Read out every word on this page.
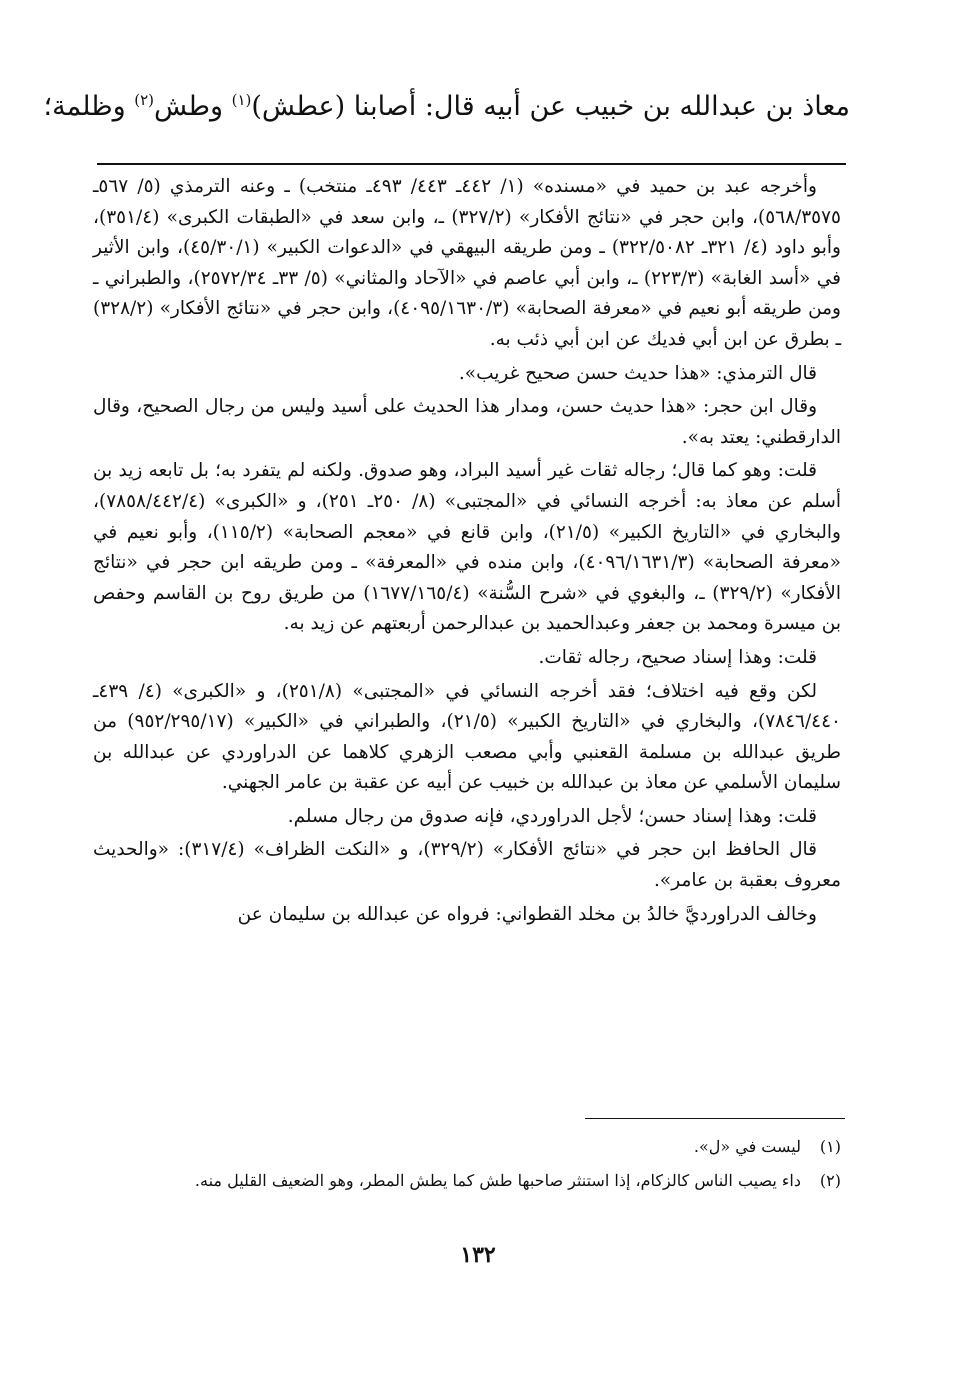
معاذ بن عبدالله بن خبيب عن أبيه قال: أصابنا (عطش)$^{(١)}$ وطش$^{(٢)}$ وظلمة؛

وأخرجه عبد بن حميد في «مسنده» (١/ ٤٤٢ـ ٤٤٣/ ٤٩٣ـ منتخب) ـ وعنه الترمذي (٥/ ٥٦٧ـ ٥٦٨/٣٥٧٥)، وابن حجر في «نتائج الأفكار» (٣٢٧/٢) ـ، وابن سعد في «الطبقات الكبرى» (٣٥١/٤)، وأبو داود (٤/ ٣٢١ـ ٣٢٢/٥٠٨٢) ـ ومن طريقه البيهقي في «الدعوات الكبير» (٤٥/٣٠/١)، وابن الأثير في «أسد الغابة» (٢٢٣/٣) ـ، وابن أبي عاصم في «الآحاد والمثاني» (٥/ ٣٣ـ ٢٥٧٢/٣٤)، والطبراني ـ ومن طريقه أبو نعيم في «معرفة الصحابة» (٤٠٩٥/١٦٣٠/٣)، وابن حجر في «نتائج الأفكار» (٣٢٨/٢) ـ بطرق عن ابن أبي فديك عن ابن أبي ذئب به.

قال الترمذي: «هذا حديث حسن صحيح غريب».

وقال ابن حجر: «هذا حديث حسن، ومدار هذا الحديث على أسيد وليس من رجال الصحيح، وقال الدارقطني: يعتد به».

قلت: وهو كما قال؛ رجاله ثقات غير أسيد البراد، وهو صدوق. ولكنه لم يتفرد به؛ بل تابعه زيد بن أسلم عن معاذ به: أخرجه النسائي في «المجتبى» (٨/ ٢٥٠ـ ٢٥١)، و «الكبرى» (٧٨٥٨/٤٤٢/٤)، والبخاري في «التاريخ الكبير» (٢١/٥)، وابن قانع في «معجم الصحابة» (١١٥/٢)، وأبو نعيم في «معرفة الصحابة» (٤٠٩٦/١٦٣١/٣)، وابن منده في «المعرفة» ـ ومن طريقه ابن حجر في «نتائج الأفكار» (٣٢٩/٢) ـ، والبغوي في «شرح السُّنة» (١٦٧٧/١٦٥/٤) من طريق روح بن القاسم وحفص بن ميسرة ومحمد بن جعفر وعبدالحميد بن عبدالرحمن أربعتهم عن زيد به.

قلت: وهذا إسناد صحيح، رجاله ثقات.

لكن وقع فيه اختلاف؛ فقد أخرجه النسائي في «المجتبى» (٢٥١/٨)، و «الكبرى» (٤/ ٤٣٩ـ ٧٨٤٦/٤٤٠)، والبخاري في «التاريخ الكبير» (٢١/٥)، والطبراني في «الكبير» (٩٥٢/٢٩٥/١٧) من طريق عبدالله بن مسلمة القعنبي وأبي مصعب الزهري كلاهما عن الدراوردي عن عبدالله بن سليمان الأسلمي عن معاذ بن عبدالله بن خبيب عن أبيه عن عقبة بن عامر الجهني.

قلت: وهذا إسناد حسن؛ لأجل الدراوردي، فإنه صدوق من رجال مسلم.

قال الحافظ ابن حجر في «نتائج الأفكار» (٣٢٩/٢)، و «النكت الظراف» (٣١٧/٤): «والحديث معروف بعقبة بن عامر».

وخالف الدراورديَّ خالدُ بن مخلد القطواني: فرواه عن عبدالله بن سليمان عن

(١)
ليست في «ل».
(٢)
داء يصيب الناس كالزكام، إذا استنثر صاحبها طش كما يطش المطر، وهو الضعيف القليل منه.
١٣٢
